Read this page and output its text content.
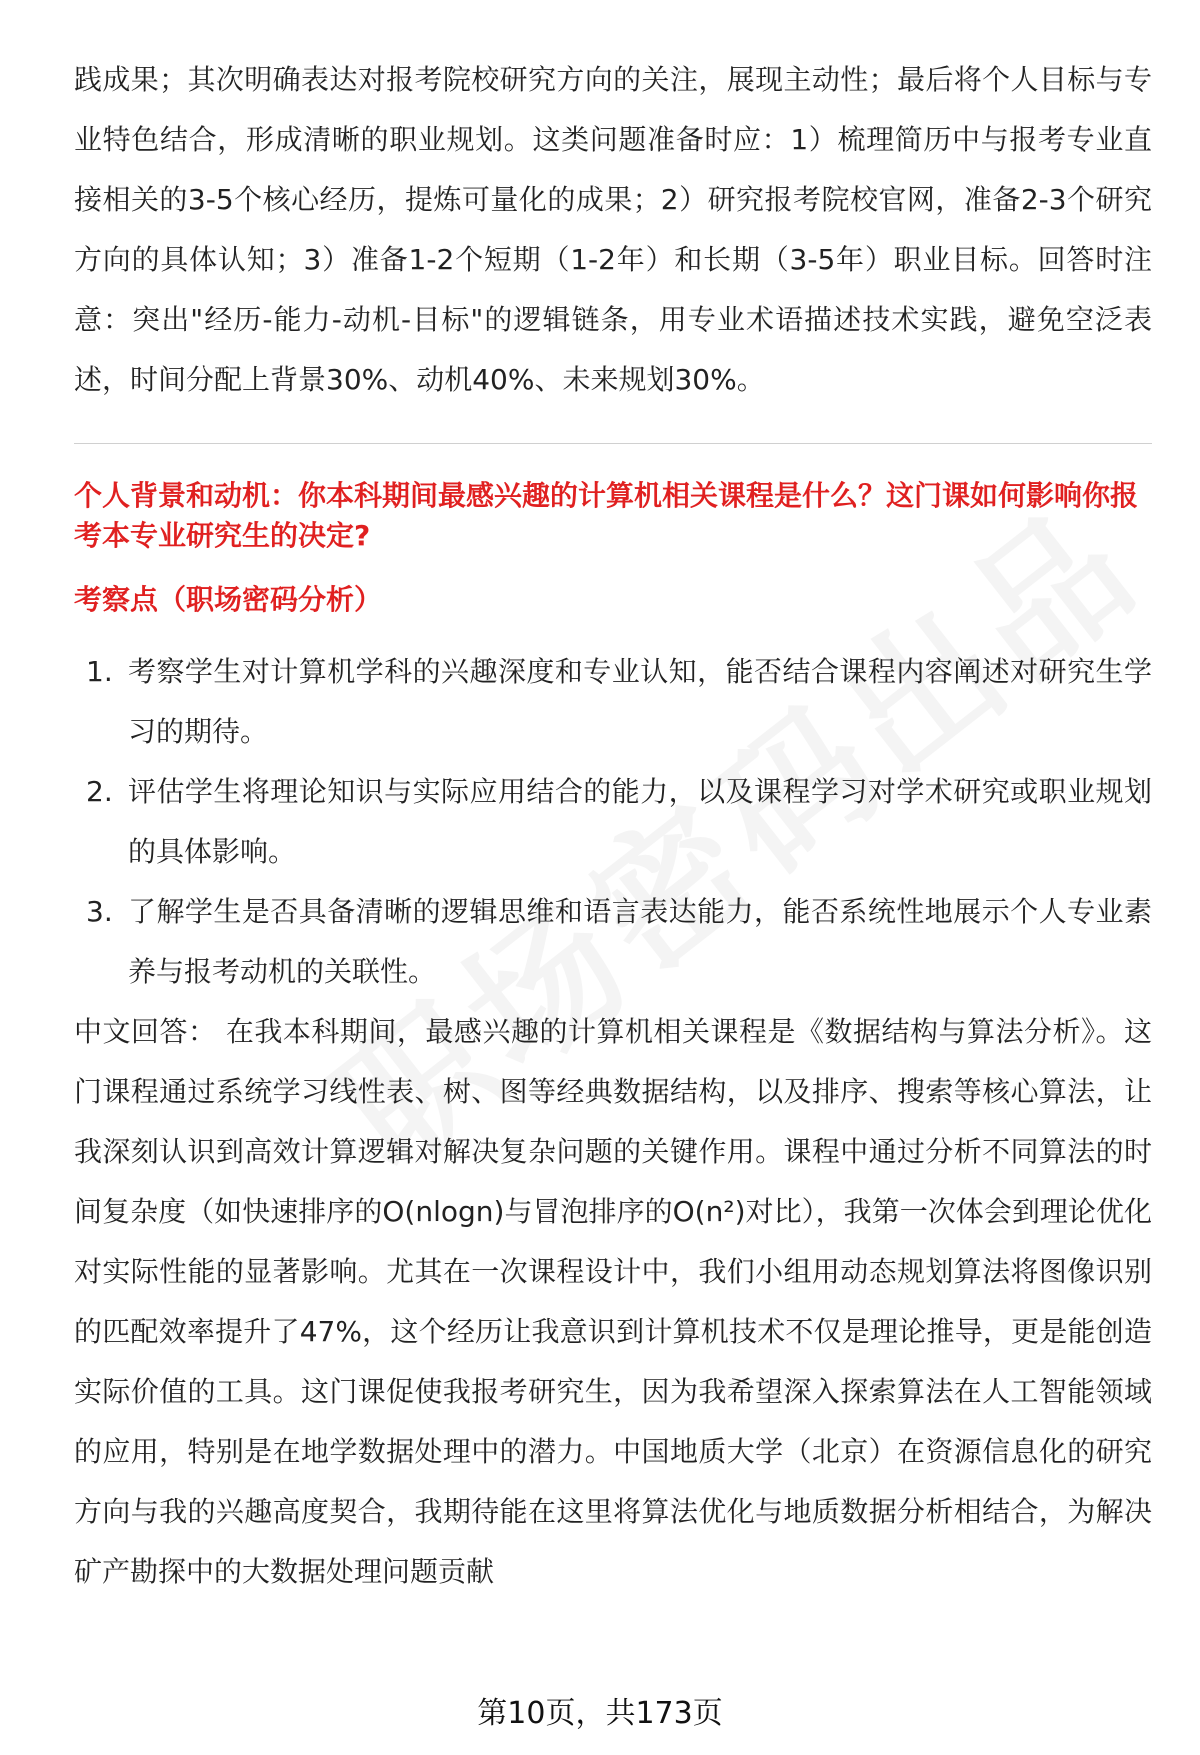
践成果；其次明确表达对报考院校研究方向的关注，展现主动性；最后将个人目标与专业特色结合，形成清晰的职业规划。这类问题准备时应：1）梳理简历中与报考专业直接相关的3-5个核心经历，提炼可量化的成果；2）研究报考院校官网，准备2-3个研究方向的具体认知；3）准备1-2个短期（1-2年）和长期（3-5年）职业目标。回答时注意：突出"经历-能力-动机-目标"的逻辑链条，用专业术语描述技术实践，避免空泛表述，时间分配上背景30%、动机40%、未来规划30%。

个人背景和动机：你本科期间最感兴趣的计算机相关课程是什么？这门课如何影响你报考本专业研究生的决定?
考察点（职场密码分析）
1. 考察学生对计算机学科的兴趣深度和专业认知，能否结合课程内容阐述对研究生学习的期待。
2. 评估学生将理论知识与实际应用结合的能力，以及课程学习对学术研究或职业规划的具体影响。
3. 了解学生是否具备清晰的逻辑思维和语言表达能力，能否系统性地展示个人专业素养与报考动机的关联性。

中文回答： 在我本科期间，最感兴趣的计算机相关课程是《数据结构与算法分析》。这门课程通过系统学习线性表、树、图等经典数据结构，以及排序、搜索等核心算法，让我深刻认识到高效计算逻辑对解决复杂问题的关键作用。课程中通过分析不同算法的时间复杂度（如快速排序的O(nlogn)与冒泡排序的O(n²)对比），我第一次体会到理论优化对实际性能的显著影响。尤其在一次课程设计中，我们小组用动态规划算法将图像识别的匹配效率提升了47%，这个经历让我意识到计算机技术不仅是理论推导，更是能创造实际价值的工具。这门课促使我报考研究生，因为我希望深入探索算法在人工智能领域的应用，特别是在地学数据处理中的潜力。中国地质大学（北京）在资源信息化的研究方向与我的兴趣高度契合，我期待能在这里将算法优化与地质数据分析相结合，为解决矿产勘探中的大数据处理问题贡献

第10页，共173页
